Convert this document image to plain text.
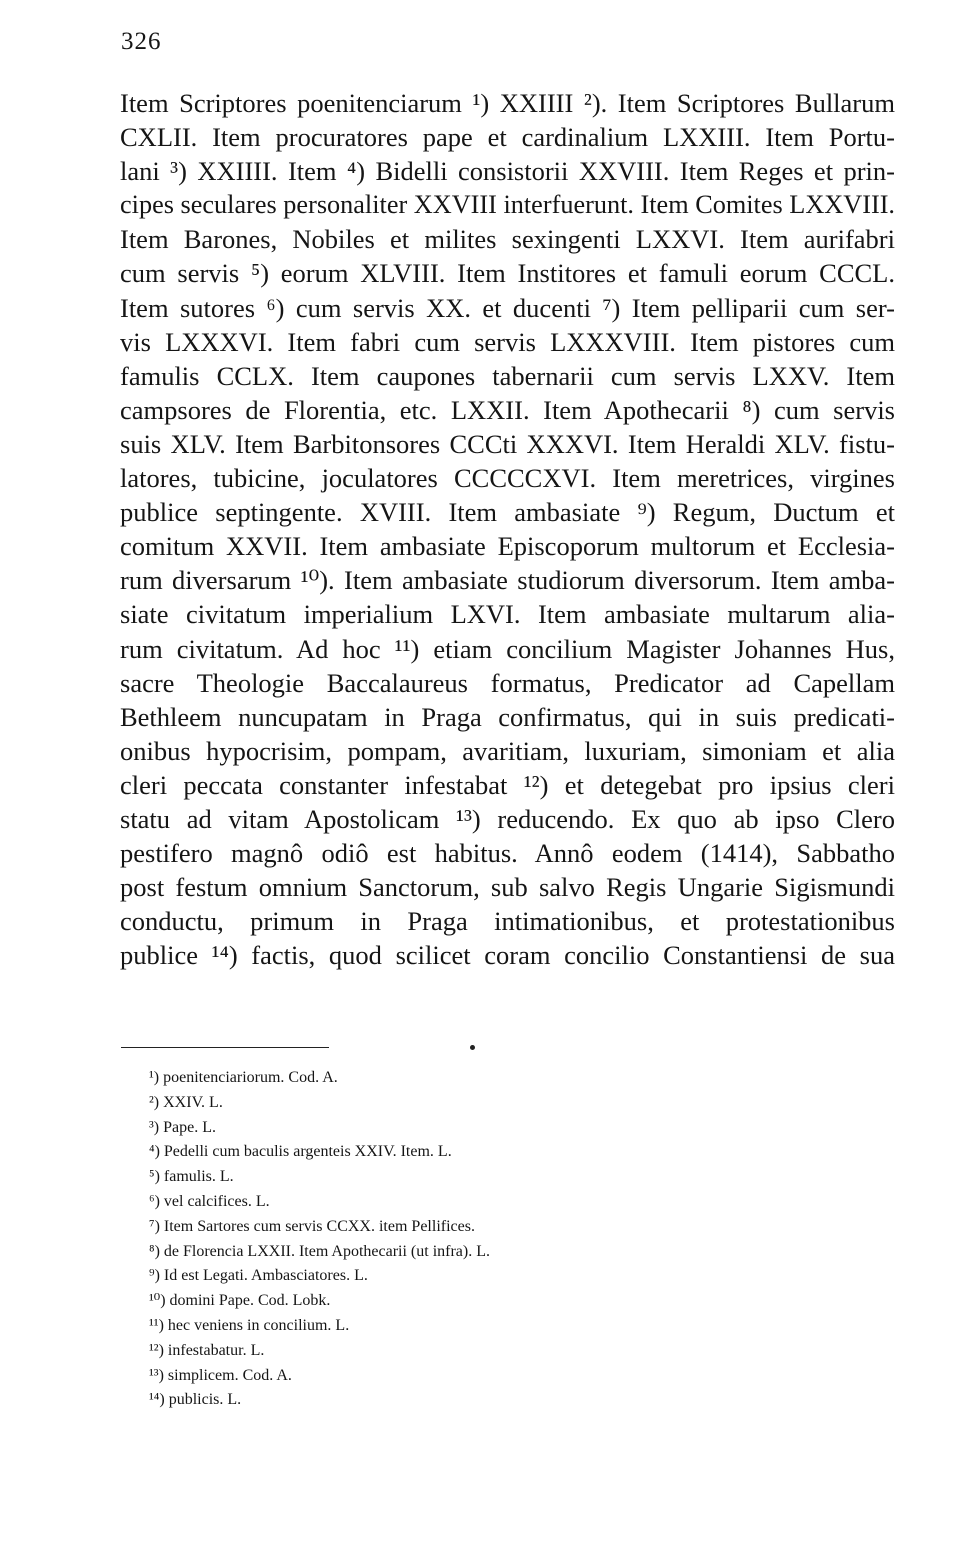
326
Item Scriptores poenitenciarum ¹) XXIIII ²). Item Scriptores Bullarum
CXLII. Item procuratores pape et cardinalium LXXIII. Item Portu-
lani ³) XXIIII. Item ⁴) Bidelli consistorii XXVIII. Item Reges et prin-
cipes seculares personaliter XXVIII interfuerunt. Item Comites LXXVIII.
Item Barones, Nobiles et milites sexingenti LXXVI. Item aurifabri
cum servis ⁵) eorum XLVIII. Item Institores et famuli eorum CCCL.
Item sutores ⁶) cum servis XX. et ducenti ⁷) Item pelliparii cum ser-
vis LXXXVI. Item fabri cum servis LXXXVIII. Item pistores cum
famulis CCLX. Item caupones tabernarii cum servis LXXV. Item
campsores de Florentia, etc. LXXII. Item Apothecarii ⁸) cum servis
suis XLV. Item Barbitonsores CCCti XXXVI. Item Heraldi XLV. fistu-
latores, tubicine, joculatores CCCCCXVI. Item meretrices, virgines
publice septingente. XVIII. Item ambasiate ⁹) Regum, Ductum et
comitum XXVII. Item ambasiate Episcoporum multorum et Ecclesia-
rum diversarum ¹⁰). Item ambasiate studiorum diversorum. Item amba-
siate civitatum imperialium LXVI. Item ambasiate multarum alia-
rum civitatum. Ad hoc ¹¹) etiam concilium Magister Johannes Hus,
sacre Theologie Baccalaureus formatus, Predicator ad Capellam
Bethleem nuncupatam in Praga confirmatus, qui in suis predicati-
onibus hypocrisim, pompam, avaritiam, luxuriam, simoniam et alia
cleri peccata constanter infestabat ¹²) et detegebat pro ipsius cleri
statu ad vitam Apostolicam ¹³) reducendo. Ex quo ab ipso Clero
pestifero magnô odiô est habitus. Annô eodem (1414), Sabbatho
post festum omnium Sanctorum, sub salvo Regis Ungarie Sigismundi
conductu, primum in Praga intimationibus, et protestationibus
publice ¹⁴) factis, quod scilicet coram concilio Constantiensi de sua
¹) poenitenciariorum. Cod. A.
²) XXIV. L.
³) Pape. L.
⁴) Pedelli cum baculis argenteis XXIV. Item. L.
⁵) famulis. L.
⁶) vel calcifices. L.
⁷) Item Sartores cum servis CCXX. item Pellifices.
⁸) de Florencia LXXII. Item Apothecarii (ut infra). L.
⁹) Id est Legati. Ambasciatores. L.
¹⁰) domini Pape. Cod. Lobk.
¹¹) hec veniens in concilium. L.
¹²) infestabatur. L.
¹³) simplicem. Cod. A.
¹⁴) publicis. L.
